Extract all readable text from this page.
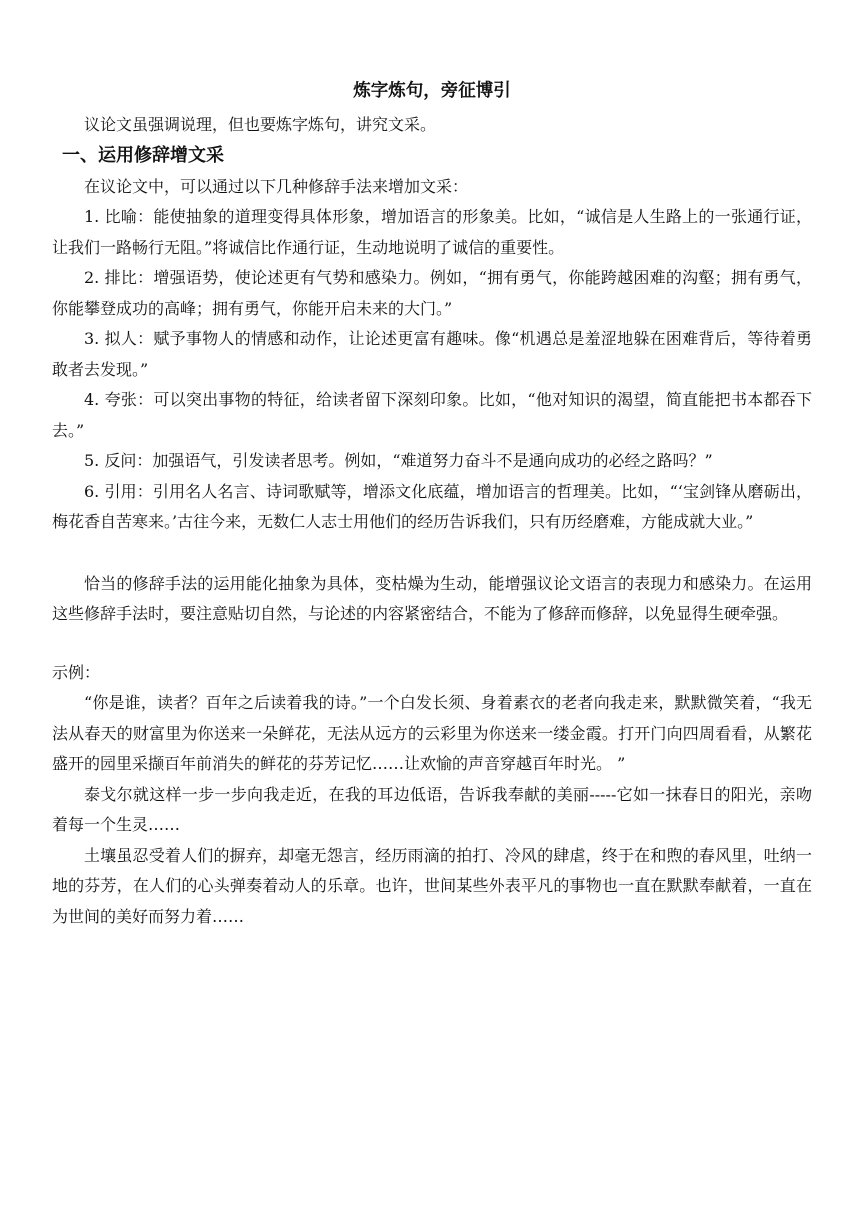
炼字炼句，旁征博引

议论文虽强调说理，但也要炼字炼句，讲究文采。

一、运用修辞增文采

在议论文中，可以通过以下几种修辞手法来增加文采：

1. 比喻：能使抽象的道理变得具体形象，增加语言的形象美。比如，“诚信是人生路上的一张通行证，让我们一路畅行无阻。”将诚信比作通行证，生动地说明了诚信的重要性。

2. 排比：增强语势，使论述更有气势和感染力。例如，“拥有勇气，你能跨越困难的沟壑；拥有勇气，你能攀登成功的高峰；拥有勇气，你能开启未来的大门。”

3. 拟人：赋予事物人的情感和动作，让论述更富有趣味。像“机遇总是羞涩地躲在困难背后，等待着勇敢者去发现。”

4. 夸张：可以突出事物的特征，给读者留下深刻印象。比如，“他对知识的渴望，简直能把书本都吞下去。”

5. 反问：加强语气，引发读者思考。例如，“难道努力奋斗不是通向成功的必经之路吗？”

6. 引用：引用名人名言、诗词歌赋等，增添文化底蕴，增加语言的哲理美。比如，“‘宝剑锋从磨砺出，梅花香自苦寒来。’古往今来，无数仁人志士用他们的经历告诉我们，只有历经磨难，方能成就大业。”

恰当的修辞手法的运用能化抽象为具体，变枯燥为生动，能增强议论文语言的表现力和感染力。在运用这些修辞手法时，要注意贴切自然，与论述的内容紧密结合，不能为了修辞而修辞，以免显得生硬牵强。

示例：

“你是谁，读者？百年之后读着我的诗。”一个白发长须、身着素衣的老者向我走来，默默微笑着，“我无法从春天的财富里为你送来一朵鲜花，无法从远方的云彩里为你送来一缕金霞。打开门向四周看看，从繁花盛开的园里采撷百年前消失的鲜花的芬芳记忆……让欢愉的声音穿越百年时光。 ”

泰戈尔就这样一步一步向我走近，在我的耳边低语，告诉我奉献的美丽-----它如一抹春日的阳光，亲吻着每一个生灵……

土壤虽忍受着人们的摒弃，却毫无怨言，经历雨滴的拍打、冷风的肆虐，终于在和煦的春风里，吐纳一地的芬芳，在人们的心头弹奏着动人的乐章。也许，世间某些外表平凡的事物也一直在默默奉献着，一直在为世间的美好而努力着……
